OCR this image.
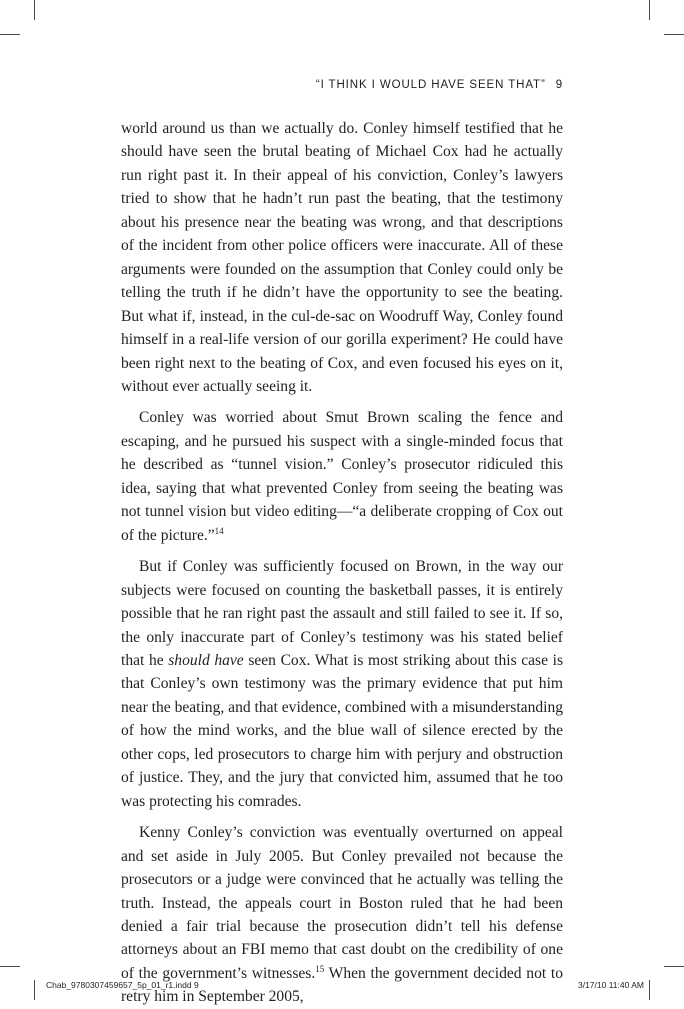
“I THINK I WOULD HAVE SEEN THAT” 9

world around us than we actually do. Conley himself testified that he should have seen the brutal beating of Michael Cox had he actually run right past it. In their appeal of his conviction, Conley’s lawyers tried to show that he hadn’t run past the beating, that the testimony about his presence near the beating was wrong, and that descriptions of the incident from other police officers were inaccurate. All of these arguments were founded on the assumption that Conley could only be telling the truth if he didn’t have the opportunity to see the beating. But what if, instead, in the cul-de-sac on Woodruff Way, Conley found himself in a real-life version of our gorilla experiment? He could have been right next to the beating of Cox, and even focused his eyes on it, without ever actually seeing it.

Conley was worried about Smut Brown scaling the fence and escaping, and he pursued his suspect with a single-minded focus that he described as “tunnel vision.” Conley’s prosecutor ridiculed this idea, saying that what prevented Conley from seeing the beating was not tunnel vision but video editing—“a deliberate cropping of Cox out of the picture.”$^{14}$

But if Conley was sufficiently focused on Brown, in the way our subjects were focused on counting the basketball passes, it is entirely possible that he ran right past the assault and still failed to see it. If so, the only inaccurate part of Conley’s testimony was his stated belief that he should have seen Cox. What is most striking about this case is that Conley’s own testimony was the primary evidence that put him near the beating, and that evidence, combined with a misunderstanding of how the mind works, and the blue wall of silence erected by the other cops, led prosecutors to charge him with perjury and obstruction of justice. They, and the jury that convicted him, assumed that he too was protecting his comrades.

Kenny Conley’s conviction was eventually overturned on appeal and set aside in July 2005. But Conley prevailed not because the prosecutors or a judge were convinced that he actually was telling the truth. Instead, the appeals court in Boston ruled that he had been denied a fair trial because the prosecution didn’t tell his defense attorneys about an FBI memo that cast doubt on the credibility of one of the government’s witnesses.$^{15}$ When the government decided not to retry him in September 2005,

Chab_9780307459657_5p_01_r1.indd 9	3/17/10 11:40 AM
